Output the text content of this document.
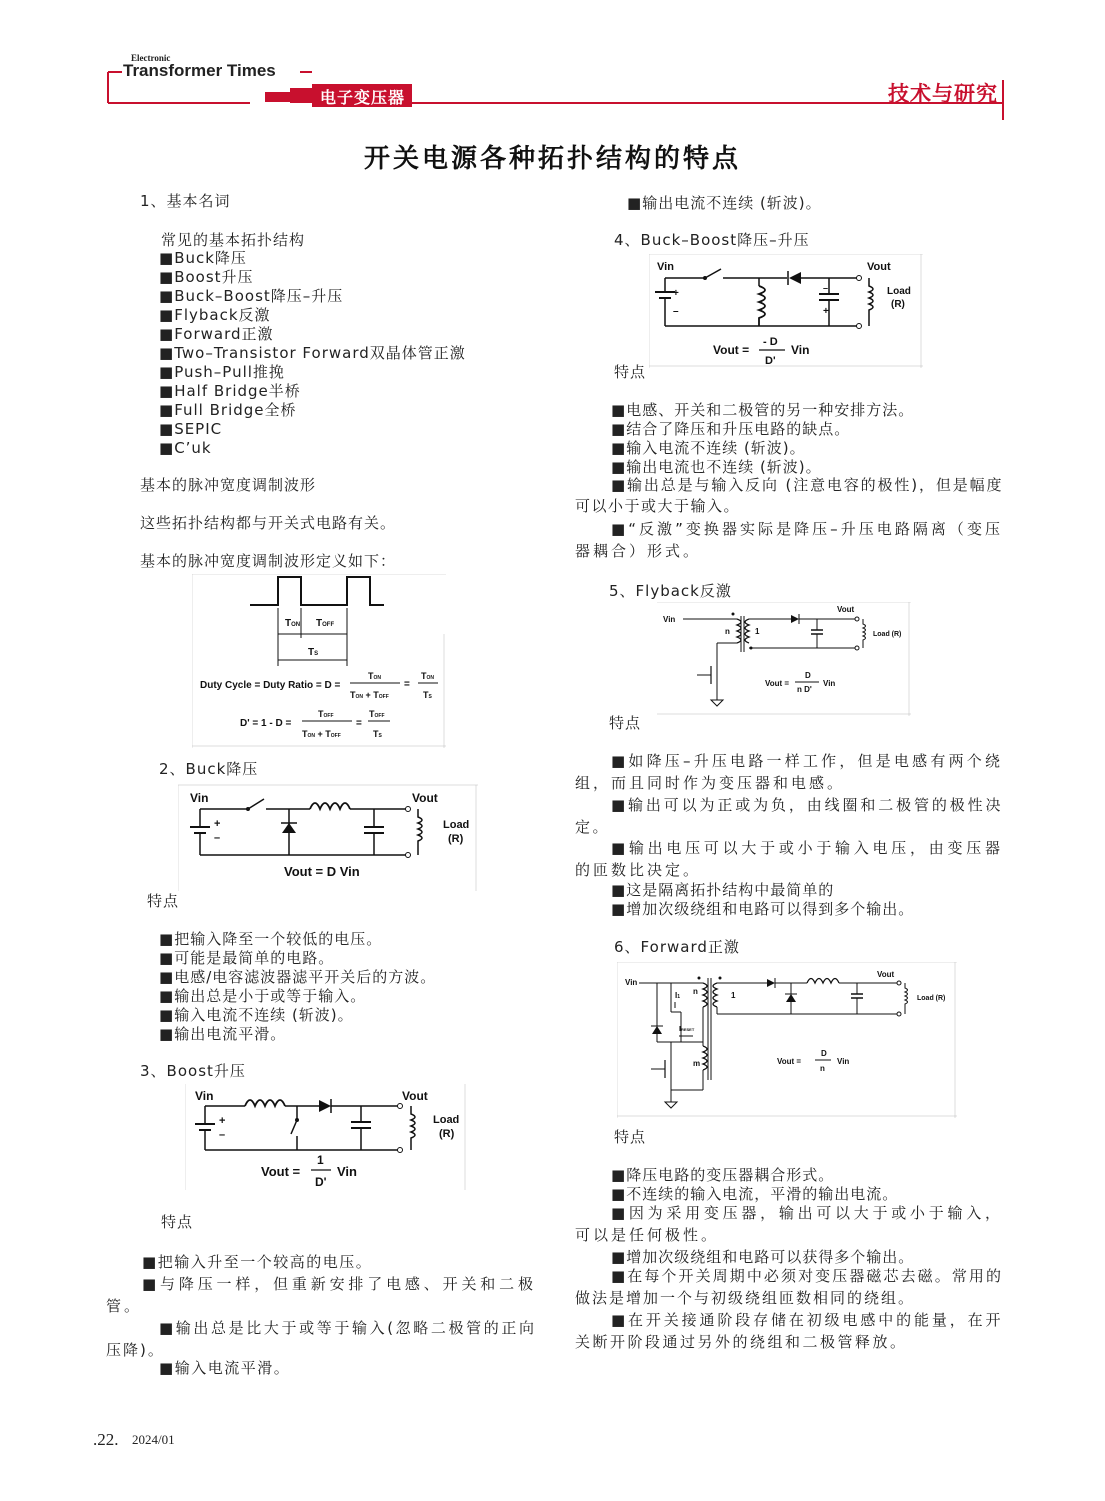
Electronic
Transformer Times
电子变压器	技术与研究
开关电源各种拓扑结构的特点
1、基本名词
常见的基本拓扑结构
■ Buck降压
■ Boost升压
■ Buck–Boost降压–升压
■ Flyback反激
■ Forward正激
■ Two–Transistor Forward双晶体管正激
■ Push–Pull推挽
■ Half Bridge半桥
■ Full Bridge全桥
■ SEPIC
■ C’uk
基本的脉冲宽度调制波形
这些拓扑结构都与开关式电路有关。
基本的脉冲宽度调制波形定义如下：
TON TOFF
TS
Duty Cycle = Duty Ratio = D =
TON
TON + TOFF
=
TON
TS
D' = 1 - D =
TOFF
TON + TOFF
=
TOFF
TS
2、Buck降压
Vin	Vout
+
–
Load
(R)
Vout = D Vin
特点
■ 把输入降至一个较低的电压。
■ 可能是最简单的电路。
■ 电感/电容滤波器滤平开关后的方波。
■ 输出总是小于或等于输入。
■ 输入电流不连续 (斩波)。
■ 输出电流平滑。
3、Boost升压
Vin	Vout
+
–
Load
(R)
Vout =
1
D'
Vin
特点
■ 把输入升至一个较高的电压。
■ 与降压一样，但重新安排了电感、开关和二极管。
■ 输出总是比大于或等于输入(忽略二极管的正向压降)。
■ 输入电流平滑。
■ 输出电流不连续 (斩波)。
4、Buck–Boost降压–升压
Vin	Vout
+
–
–
+
Load
(R)
Vout =
- D
D'
Vin
特点
■ 电感、开关和二极管的另一种安排方法。
■ 结合了降压和升压电路的缺点。
■ 输入电流不连续 (斩波)。
■ 输出电流也不连续 (斩波)。
■ 输出总是与输入反向 (注意电容的极性)，但是幅度可以小于或大于输入。
■ “反激”变换器实际是降压–升压电路隔离（变压器耦合）形式。
5、Flyback反激
Vin
Vout
n	1	Load (R)
Vout =
D
n D'
Vin
特点
■ 如降压–升压电路一样工作，但是电感有两个绕组，而且同时作为变压器和电感。
■ 输出可以为正或为负，由线圈和二极管的极性决定。
■ 输出电压可以大于或小于输入电压，由变压器的匝数比决定。
■ 这是隔离拓扑结构中最简单的
■ 增加次级绕组和电路可以得到多个输出。
6、Forward正激
Vin
Vout
I1
IRESET
n
m
1	Load (R)
Vout =
D
n
Vin
特点
■ 降压电路的变压器耦合形式。
■ 不连续的输入电流，平滑的输出电流。
■ 因为采用变压器，输出可以大于或小于输入，可以是任何极性。
■ 增加次级绕组和电路可以获得多个输出。
■ 在每个开关周期中必须对变压器磁芯去磁。常用的做法是增加一个与初级绕组匝数相同的绕组。
■ 在开关接通阶段存储在初级电感中的能量，在开关断开阶段通过另外的绕组和二极管释放。
.22. 2024/01
